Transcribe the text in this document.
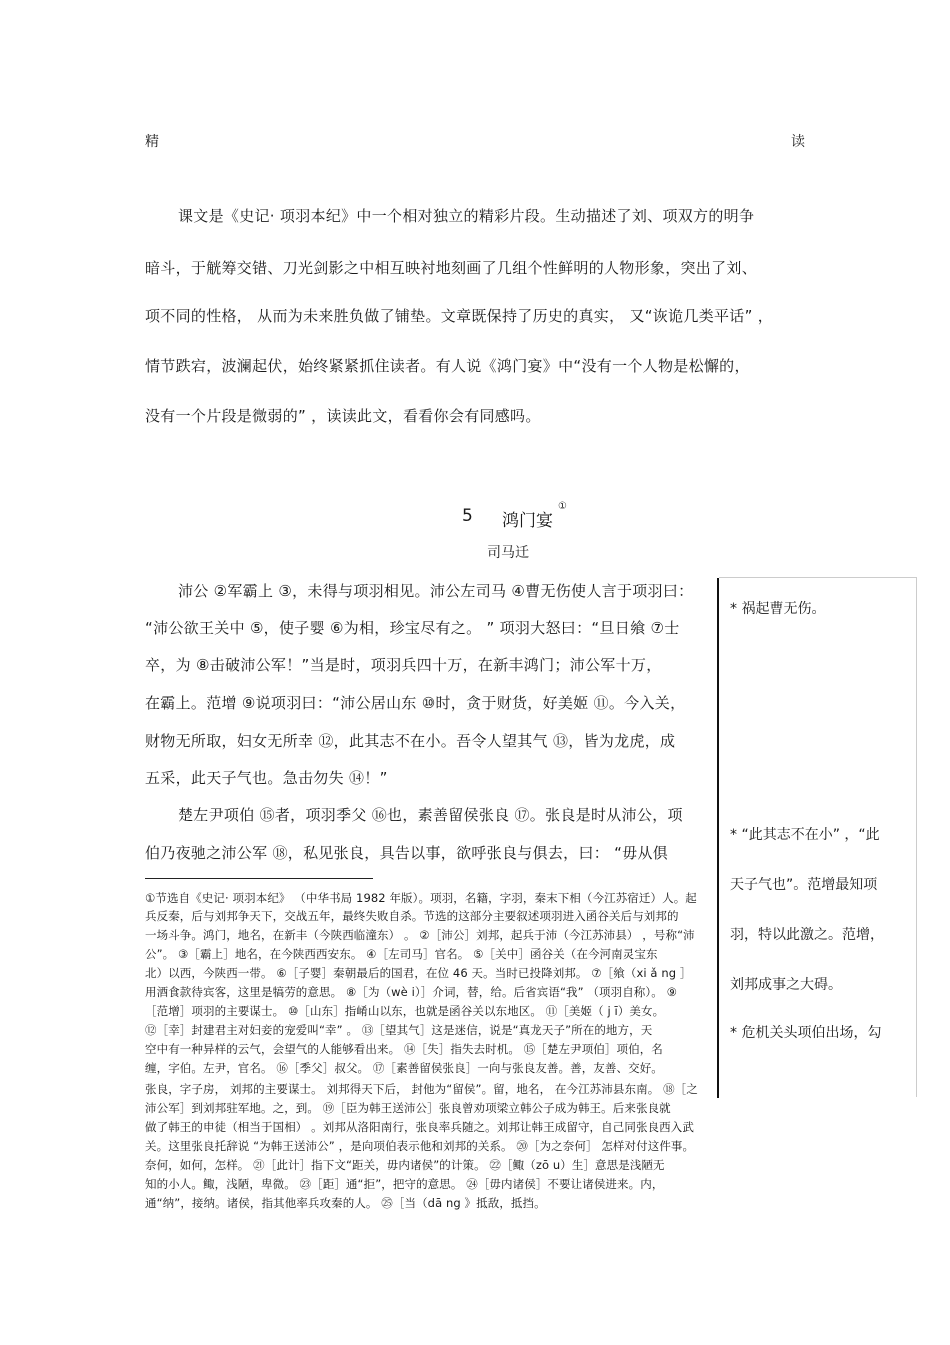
精	读
课文是《史记· 项羽本纪》中一个相对独立的精彩片段。生动描述了刘、项双方的明争
暗斗，于觥筹交错、刀光剑影之中相互映衬地刻画了几组个性鲜明的人物形象，突出了刘、
项不同的性格， 从而为未来胜负做了铺垫。文章既保持了历史的真实， 又“诙诡几类平话” ，
情节跌宕，波澜起伏，始终紧紧抓住读者。有人说《鸿门宴》中“没有一个人物是松懈的，
没有一个片段是微弱的” ，读读此文，看看你会有同感吗。
5 鸿门宴
①
司马迁
沛公 ②军霸上 ③，未得与项羽相见。沛公左司马 ④曹无伤使人言于项羽曰：
“沛公欲王关中 ⑤，使子婴 ⑥为相，珍宝尽有之。 ” 项羽大怒曰：“旦日飨 ⑦士
卒，为 ⑧击破沛公军！”当是时，项羽兵四十万，在新丰鸿门；沛公军十万，
在霸上。范增 ⑨说项羽曰：“沛公居山东 ⑩时，贪于财货，好美姬 ⑪。今入关，
财物无所取，妇女无所幸 ⑫，此其志不在小。吾令人望其气 ⑬，皆为龙虎，成
五采，此天子气也。急击勿失 ⑭！”
楚左尹项伯 ⑮者，项羽季父 ⑯也，素善留侯张良 ⑰。张良是时从沛公，项
伯乃夜驰之沛公军 ⑱，私见张良，具告以事，欲呼张良与俱去，曰： “毋从俱
* 祸起曹无伤。
* “此其志不在小” ，“此
天子气也”。范增最知项
羽，特以此激之。范增，
刘邦成事之大碍。
* 危机关头项伯出场，勾
①节选自《史记· 项羽本纪》 （中华书局 1982 年版）。项羽，名籍，字羽，秦末下相（今江苏宿迁）人。起
兵反秦，后与刘邦争天下，交战五年，最终失败自杀。节选的这部分主要叙述项羽进入函谷关后与刘邦的
一场斗争。鸿门，地名，在新丰（今陕西临潼东） 。 ②［沛公］刘邦，起兵于沛（今江苏沛县） ，号称“沛
公”。 ③［霸上］地名，在今陕西西安东。 ④［左司马］官名。 ⑤［关中］函谷关（在今河南灵宝东
北）以西，今陕西一带。 ⑥［子婴］秦朝最后的国君，在位 46 天。当时已投降刘邦。 ⑦［飨（xi ǎ ng ］
用酒食款待宾客，这里是犒劳的意思。 ⑧［为（wè i）］介词，替，给。后省宾语“我” （项羽自称）。 ⑨
［范增］项羽的主要谋士。 ⑩［山东］指崤山以东，也就是函谷关以东地区。 ⑪［美姬（ j ī）美女。
⑫［幸］封建君主对妇妾的宠爱叫“幸” 。 ⑬［望其气］这是迷信，说是“真龙天子”所在的地方，天
空中有一种异样的云气，会望气的人能够看出来。 ⑭［失］指失去时机。 ⑮［楚左尹项伯］项伯，名
缠，字伯。左尹，官名。 ⑯［季父］叔父。 ⑰［素善留侯张良］一向与张良友善。善，友善、交好。
张良，字子房， 刘邦的主要谋士。 刘邦得天下后， 封他为“留侯”。留，地名， 在今江苏沛县东南。 ⑱［之
沛公军］到刘邦驻军地。之，到。 ⑲［臣为韩王送沛公］张良曾劝项梁立韩公子成为韩王。后来张良就
做了韩王的申徒（相当于国相） 。刘邦从洛阳南行，张良率兵随之。刘邦让韩王成留守，自己同张良西入武
关。这里张良托辞说 “为韩王送沛公” ，是向项伯表示他和刘邦的关系。 ⑳［为之奈何］ 怎样对付这件事。
奈何，如何，怎样。 ㉑［此计］指下文“距关，毋内诸侯”的计策。 ㉒［鲰（zō u）生］意思是浅陋无
知的小人。鲰，浅陋，卑微。 ㉓［距］通“拒”，把守的意思。 ㉔［毋内诸侯］不要让诸侯进来。内，
通“纳”，接纳。诸侯，指其他率兵攻秦的人。 ㉕［当（dā ng 》抵敌，抵挡。
